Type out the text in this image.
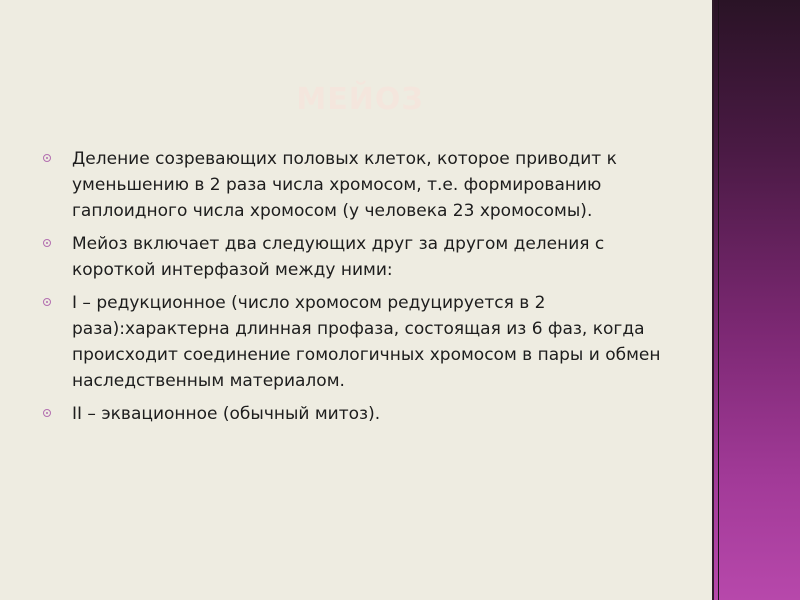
МЕЙОЗ
Деление созревающих половых клеток, которое приводит к уменьшению в 2 раза числа хромосом, т.е. формированию гаплоидного числа хромосом (у человека 23 хромосомы).
Мейоз включает два следующих друг за другом деления с короткой интерфазой между ними:
I – редукционное (число хромосом редуцируется в 2 раза):характерна длинная профаза, состоящая из 6 фаз, когда происходит соединение гомологичных хромосом в пары и обмен наследственным материалом.
II – эквационное (обычный митоз).
